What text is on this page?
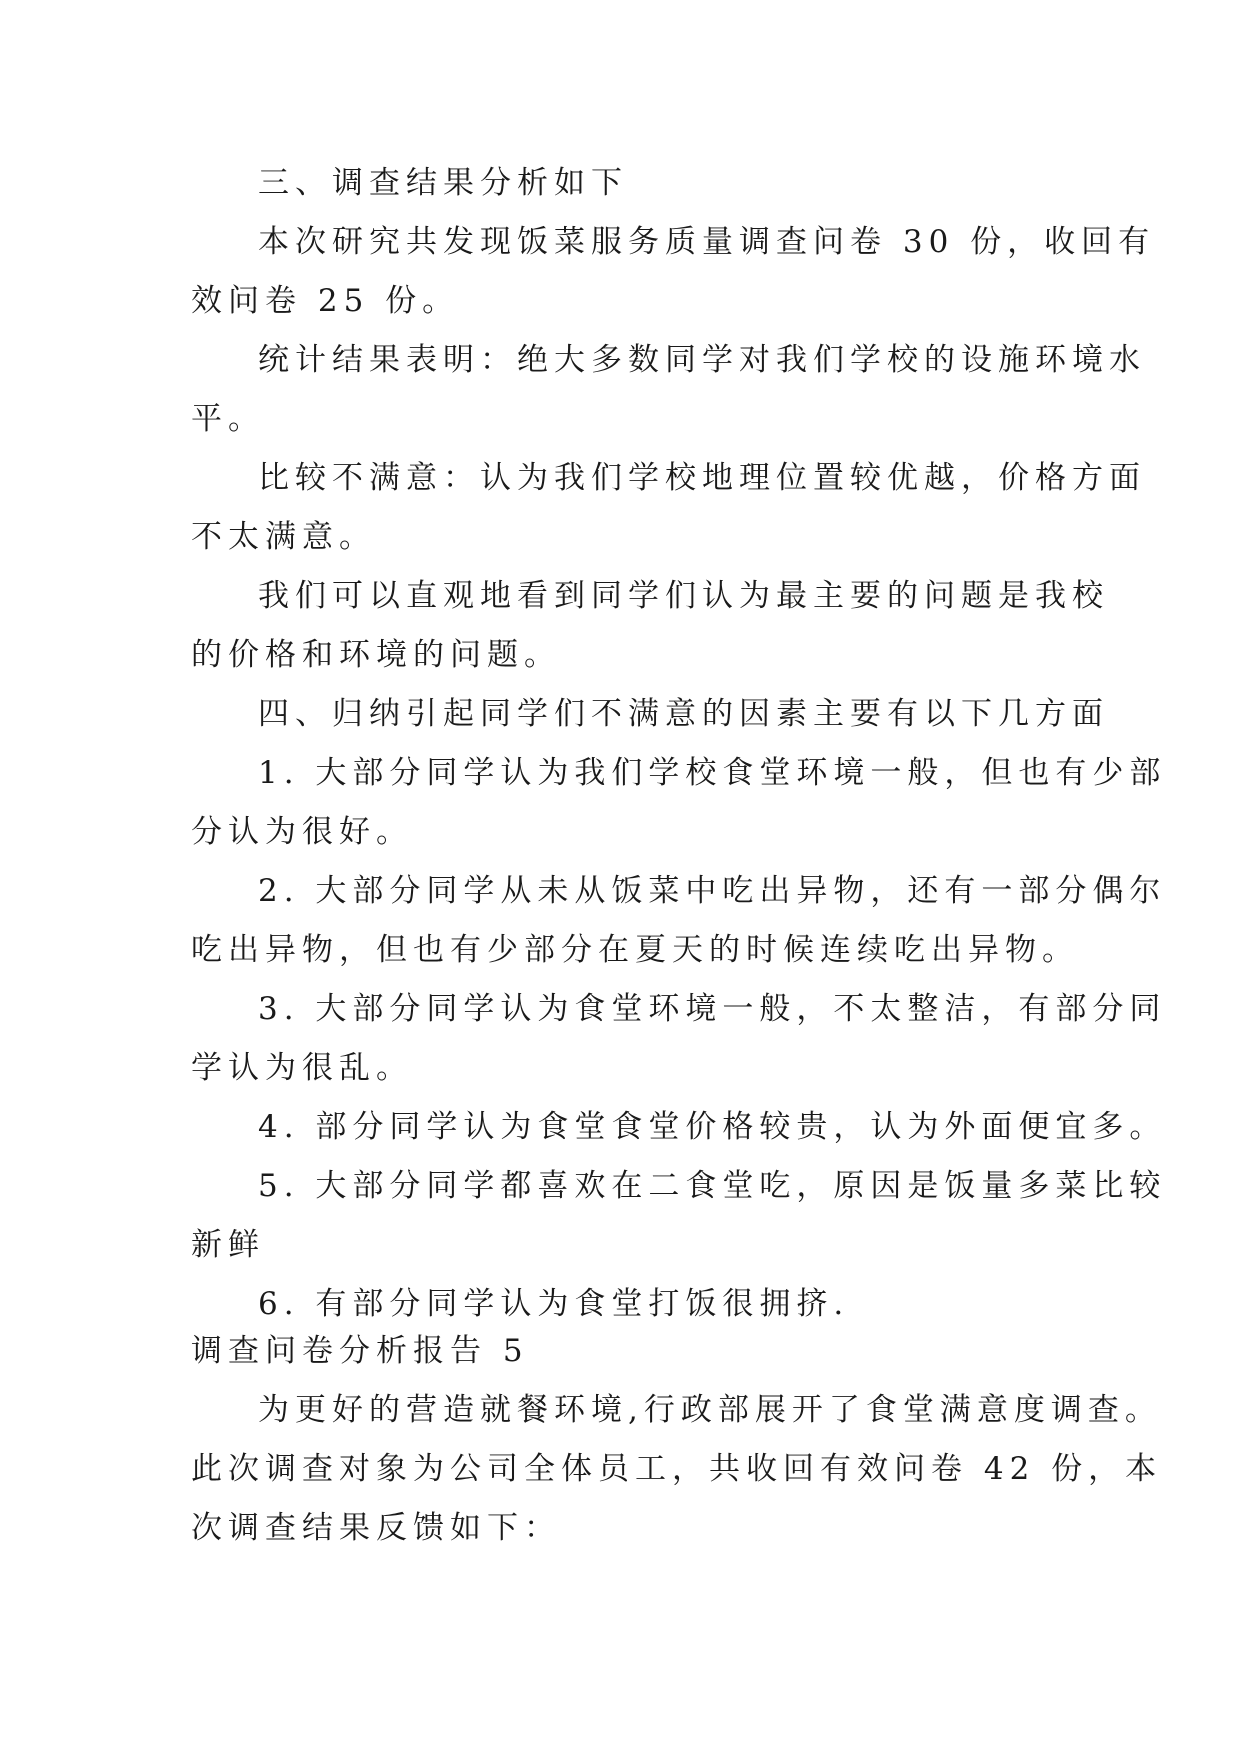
三、调查结果分析如下
本次研究共发现饭菜服务质量调查问卷 30 份，收回有
效问卷 25 份。
统计结果表明：绝大多数同学对我们学校的设施环境水
平。
比较不满意：认为我们学校地理位置较优越，价格方面
不太满意。
我们可以直观地看到同学们认为最主要的问题是我校
的价格和环境的问题。
四、归纳引起同学们不满意的因素主要有以下几方面
1. 大部分同学认为我们学校食堂环境一般，但也有少部
分认为很好。
2. 大部分同学从未从饭菜中吃出异物，还有一部分偶尔
吃出异物，但也有少部分在夏天的时候连续吃出异物。
3. 大部分同学认为食堂环境一般，不太整洁，有部分同
学认为很乱。
4. 部分同学认为食堂食堂价格较贵，认为外面便宜多。
5. 大部分同学都喜欢在二食堂吃，原因是饭量多菜比较
新鲜
6. 有部分同学认为食堂打饭很拥挤.
调查问卷分析报告 5
为更好的营造就餐环境,行政部展开了食堂满意度调查。
此次调查对象为公司全体员工，共收回有效问卷 42 份，本
次调查结果反馈如下：
